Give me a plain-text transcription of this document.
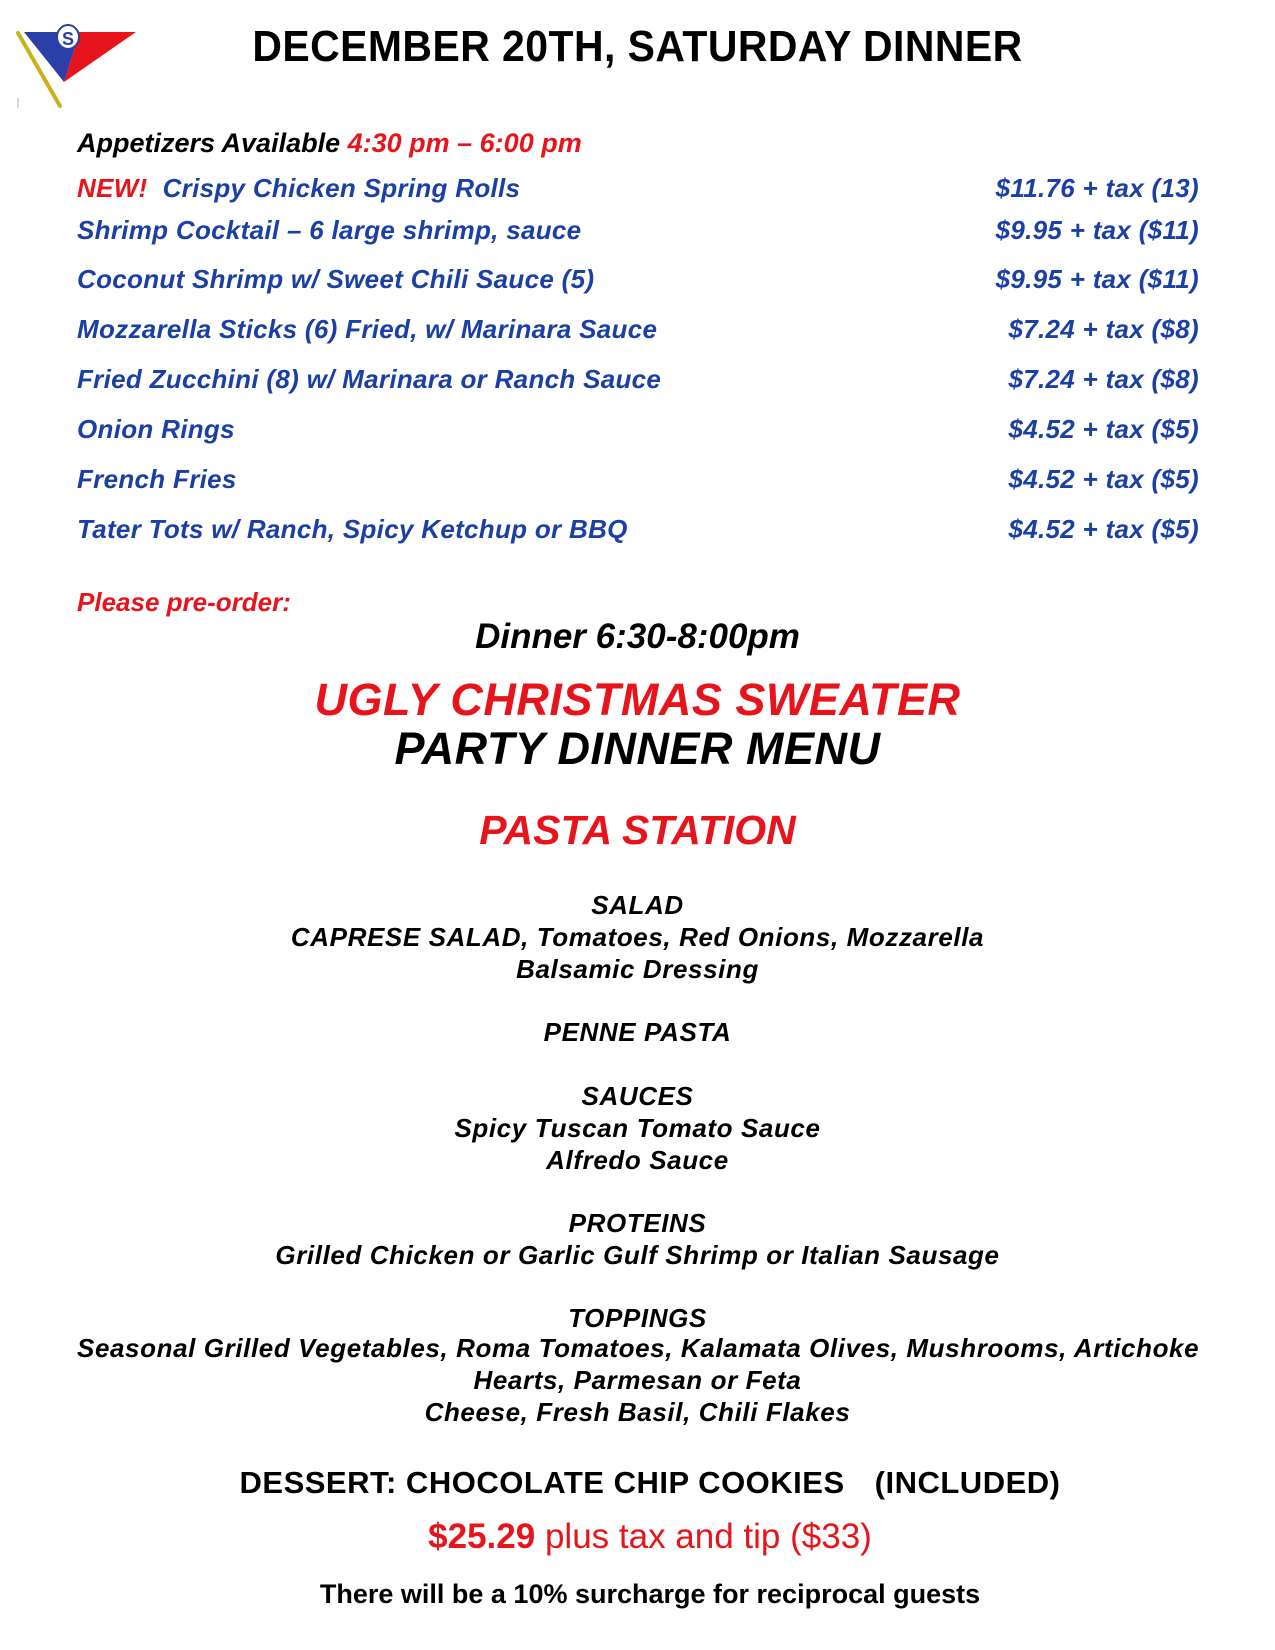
S	DECEMBER 20TH, SATURDAY DINNER
Appetizers Available 4:30 pm – 6:00 pm
NEW! Crispy Chicken Spring Rolls	$11.76 + tax (13)
Shrimp Cocktail – 6 large shrimp, sauce	$9.95 + tax ($11)
Coconut Shrimp w/ Sweet Chili Sauce (5)	$9.95 + tax ($11)
Mozzarella Sticks (6) Fried, w/ Marinara Sauce	$7.24 + tax ($8)
Fried Zucchini (8) w/ Marinara or Ranch Sauce	$7.24 + tax ($8)
Onion Rings	$4.52 + tax ($5)
French Fries	$4.52 + tax ($5)
Tater Tots w/ Ranch, Spicy Ketchup or BBQ	$4.52 + tax ($5)
Please pre-order:
Dinner 6:30-8:00pm
UGLY CHRISTMAS SWEATER
PARTY DINNER MENU
PASTA STATION
SALAD
CAPRESE SALAD, Tomatoes, Red Onions, Mozzarella
Balsamic Dressing
PENNE PASTA
SAUCES
Spicy Tuscan Tomato Sauce
Alfredo Sauce
PROTEINS
Grilled Chicken or Garlic Gulf Shrimp or Italian Sausage
TOPPINGS
Seasonal Grilled Vegetables, Roma Tomatoes, Kalamata Olives, Mushrooms, Artichoke
Hearts, Parmesan or Feta
Cheese, Fresh Basil, Chili Flakes
DESSERT: CHOCOLATE CHIP COOKIES (INCLUDED)
$25.29 plus tax and tip ($33)
There will be a 10% surcharge for reciprocal guests
